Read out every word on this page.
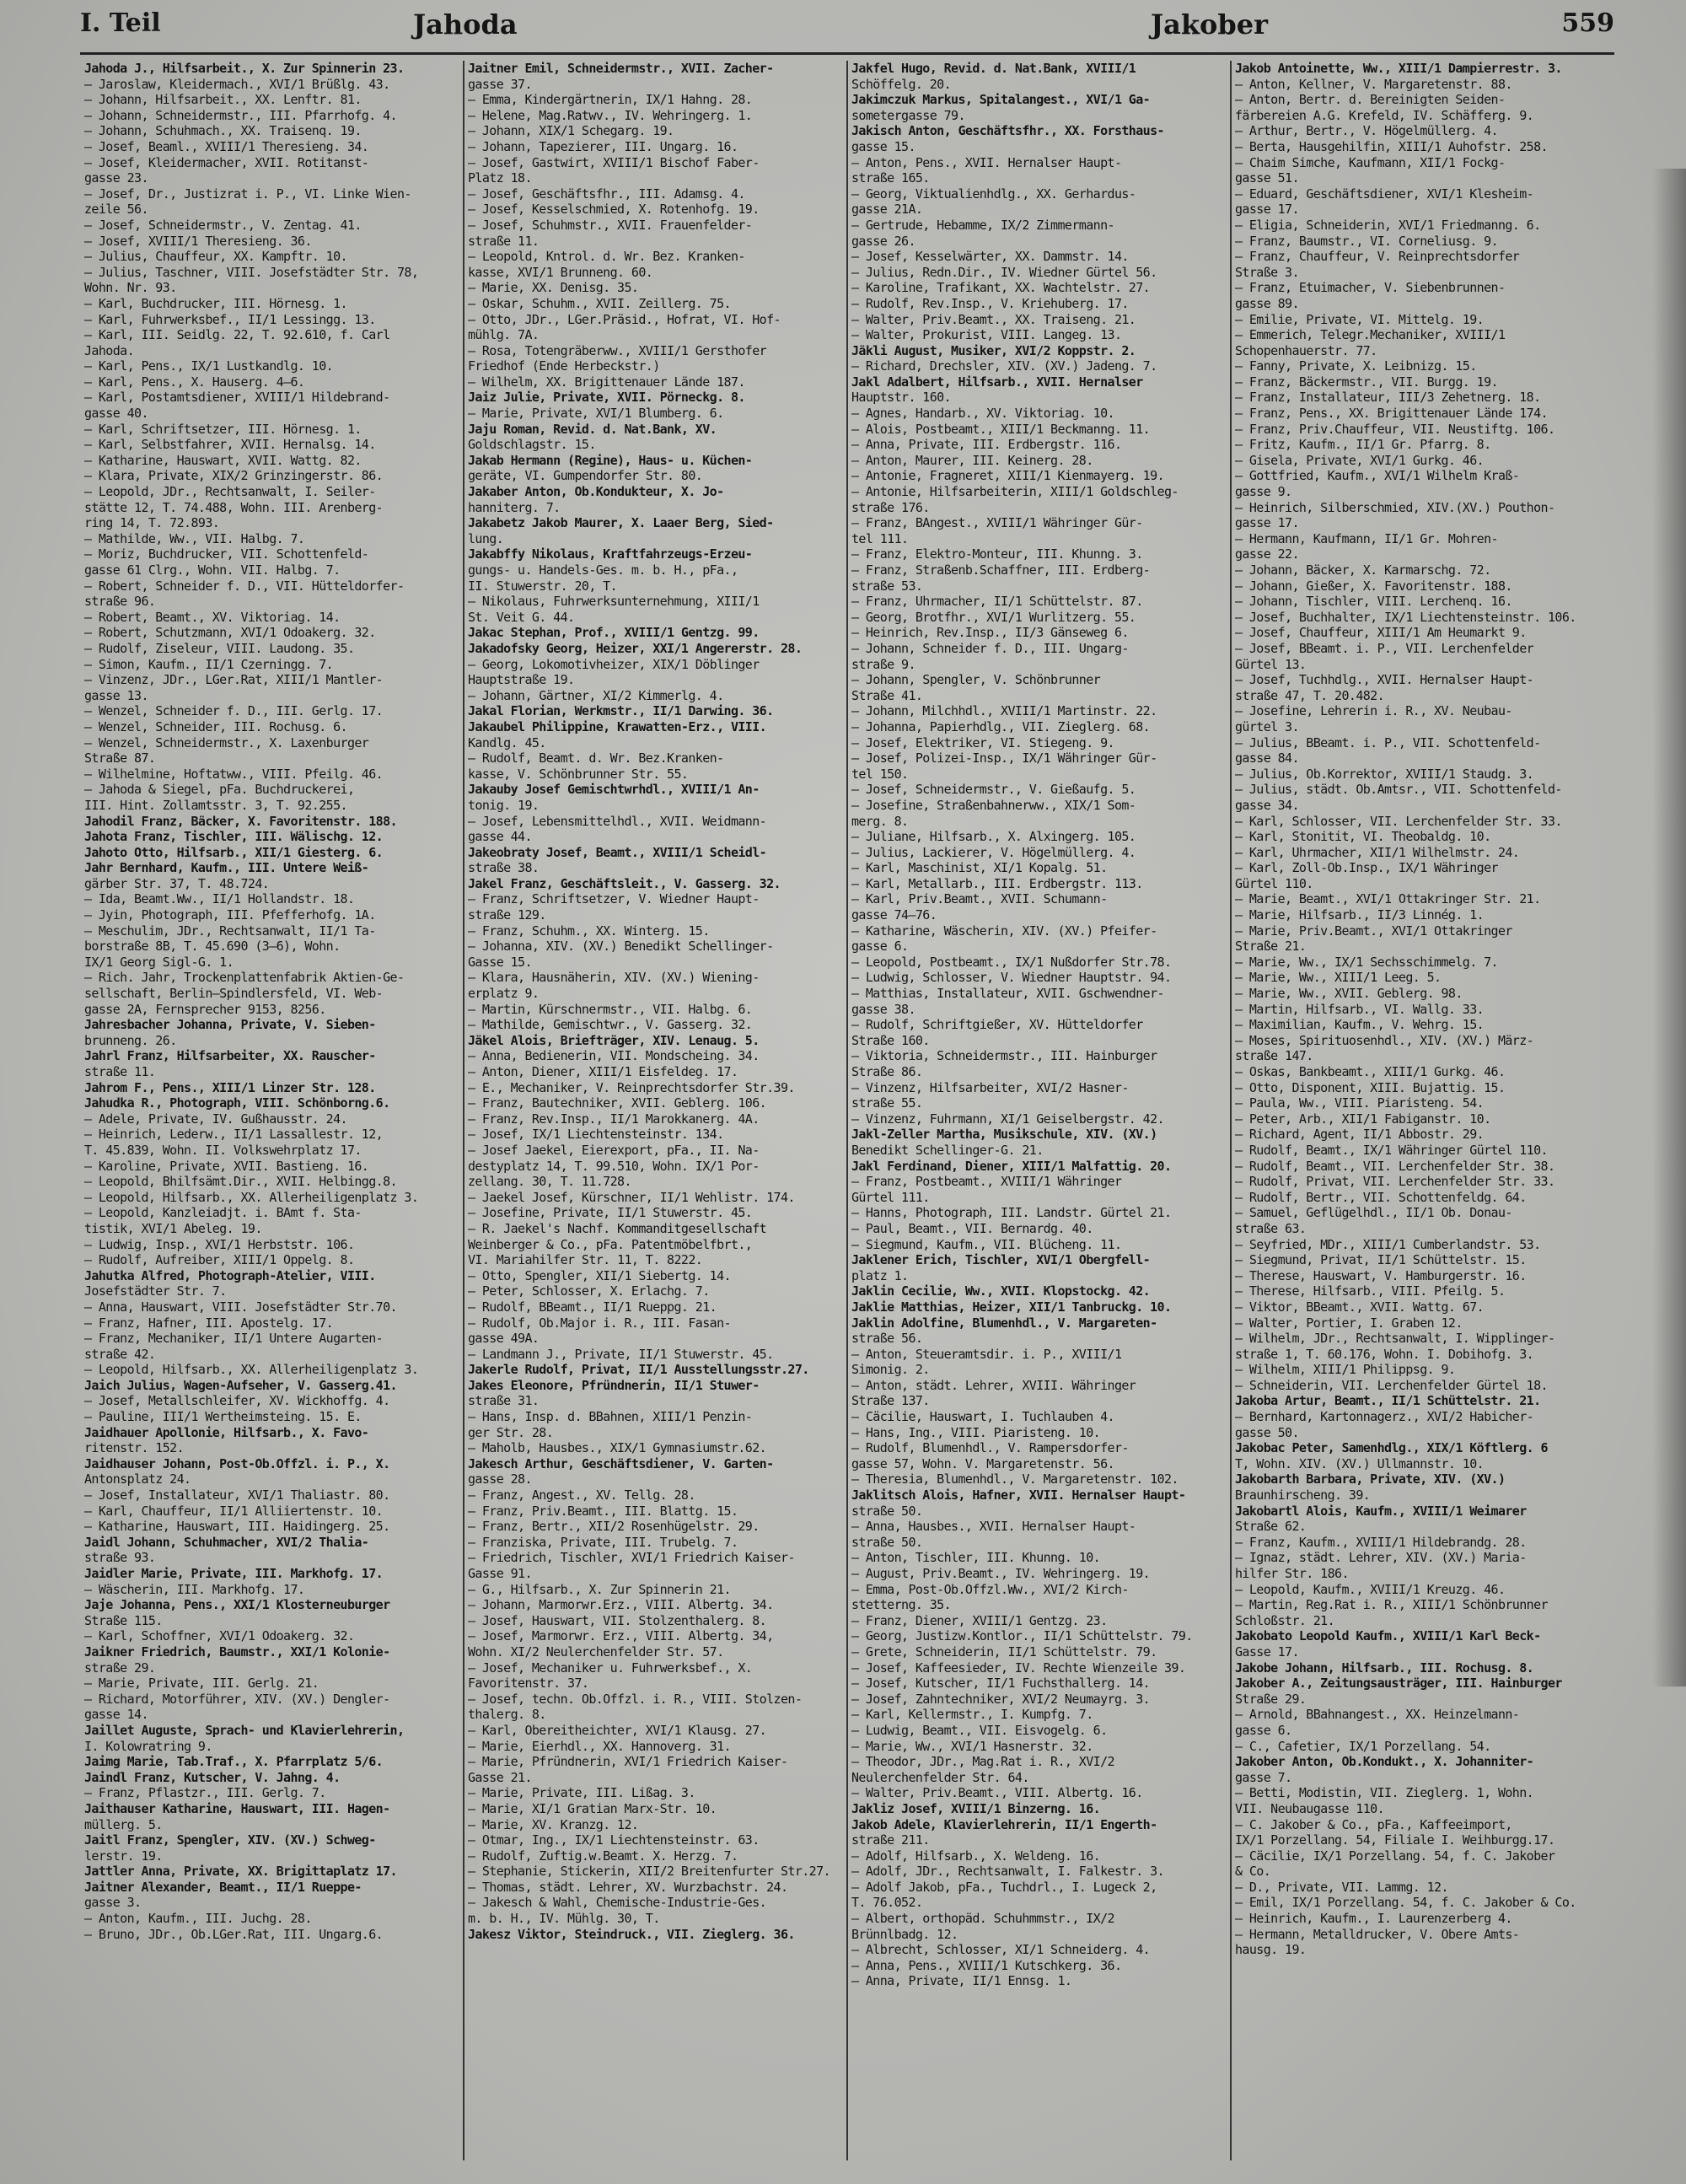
I. Teil	Jahoda	Jakober	559
Jahoda J., Hilfsarbeit., X. Zur Spinnerin 23.
— Jaroslaw, Kleidermach., XVI/1 Brüßlg. 43.
— Johann, Hilfsarbeit., XX. Lenftr. 81.
— Johann, Schneidermstr., III. Pfarrhofg. 4.
— Johann, Schuhmach., XX. Traisenq. 19.
— Josef, Beaml., XVIII/1 Theresieng. 34.
— Josef, Kleidermacher, XVII. Rotitanst-
gasse 23.
— Josef, Dr., Justizrat i. P., VI. Linke Wien-
zeile 56.
— Josef, Schneidermstr., V. Zentag. 41.
— Josef, XVIII/1 Theresieng. 36.
— Julius, Chauffeur, XX. Kampftr. 10.
— Julius, Taschner, VIII. Josefstädter Str. 78,
Wohn. Nr. 93.
— Karl, Buchdrucker, III. Hörnesg. 1.
— Karl, Fuhrwerksbef., II/1 Lessingg. 13.
— Karl, III. Seidlg. 22, T. 92.610, f. Carl
Jahoda.
— Karl, Pens., IX/1 Lustkandlg. 10.
— Karl, Pens., X. Hauserg. 4—6.
— Karl, Postamtsdiener, XVIII/1 Hildebrand-
gasse 40.
— Karl, Schriftsetzer, III. Hörnesg. 1.
— Karl, Selbstfahrer, XVII. Hernalsg. 14.
— Katharine, Hauswart, XVII. Wattg. 82.
— Klara, Private, XIX/2 Grinzingerstr. 86.
— Leopold, JDr., Rechtsanwalt, I. Seiler-
stätte 12, T. 74.488, Wohn. III. Arenberg-
ring 14, T. 72.893.
— Mathilde, Ww., VII. Halbg. 7.
— Moriz, Buchdrucker, VII. Schottenfeld-
gasse 61 Clrg., Wohn. VII. Halbg. 7.
— Robert, Schneider f. D., VII. Hütteldorfer-
straße 96.
— Robert, Beamt., XV. Viktoriag. 14.
— Robert, Schutzmann, XVI/1 Odoakerg. 32.
— Rudolf, Ziseleur, VIII. Laudong. 35.
— Simon, Kaufm., II/1 Czerningg. 7.
— Vinzenz, JDr., LGer.Rat, XIII/1 Mantler-
gasse 13.
— Wenzel, Schneider f. D., III. Gerlg. 17.
— Wenzel, Schneider, III. Rochusg. 6.
— Wenzel, Schneidermstr., X. Laxenburger
Straße 87.
— Wilhelmine, Hoftatww., VIII. Pfeilg. 46.
— Jahoda & Siegel, pFa. Buchdruckerei,
III. Hint. Zollamtsstr. 3, T. 92.255.
Jahodil Franz, Bäcker, X. Favoritenstr. 188.
Jahota Franz, Tischler, III. Wälischg. 12.
Jahoto Otto, Hilfsarb., XII/1 Giesterg. 6.
Jahr Bernhard, Kaufm., III. Untere Weiß-
gärber Str. 37, T. 48.724.
— Ida, Beamt.Ww., II/1 Hollandstr. 18.
— Jyin, Photograph, III. Pfefferhofg. 1A.
— Meschulim, JDr., Rechtsanwalt, II/1 Ta-
borstraße 8B, T. 45.690 (3—6), Wohn.
IX/1 Georg Sigl-G. 1.
— Rich. Jahr, Trockenplattenfabrik Aktien-Ge-
sellschaft, Berlin—Spindlersfeld, VI. Web-
gasse 2A, Fernsprecher 9153, 8256.
Jahresbacher Johanna, Private, V. Sieben-
brunneng. 26.
Jahrl Franz, Hilfsarbeiter, XX. Rauscher-
straße 11.
Jahrom F., Pens., XIII/1 Linzer Str. 128.
Jahudka R., Photograph, VIII. Schönborng.6.
— Adele, Private, IV. Gußhausstr. 24.
— Heinrich, Lederw., II/1 Lassallestr. 12,
T. 45.839, Wohn. II. Volkswehrplatz 17.
— Karoline, Private, XVII. Bastieng. 16.
— Leopold, Bhilfsämt.Dir., XVII. Helbingg.8.
— Leopold, Hilfsarb., XX. Allerheiligenplatz 3.
— Leopold, Kanzleiadjt. i. BAmt f. Sta-
tistik, XVI/1 Abeleg. 19.
— Ludwig, Insp., XVI/1 Herbststr. 106.
— Rudolf, Aufreiber, XIII/1 Oppelg. 8.
Jahutka Alfred, Photograph-Atelier, VIII.
Josefstädter Str. 7.
— Anna, Hauswart, VIII. Josefstädter Str.70.
— Franz, Hafner, III. Apostelg. 17.
— Franz, Mechaniker, II/1 Untere Augarten-
straße 42.
— Leopold, Hilfsarb., XX. Allerheiligenplatz 3.
Jaich Julius, Wagen-Aufseher, V. Gasserg.41.
— Josef, Metallschleifer, XV. Wickhoffg. 4.
— Pauline, III/1 Wertheimsteing. 15. E.
Jaidhauer Apollonie, Hilfsarb., X. Favo-
ritenstr. 152.
Jaidhauser Johann, Post-Ob.Offzl. i. P., X.
Antonsplatz 24.
— Josef, Installateur, XVI/1 Thaliastr. 80.
— Karl, Chauffeur, II/1 Alliiertenstr. 10.
— Katharine, Hauswart, III. Haidingerg. 25.
Jaidl Johann, Schuhmacher, XVI/2 Thalia-
straße 93.
Jaidler Marie, Private, III. Markhofg. 17.
— Wäscherin, III. Markhofg. 17.
Jaje Johanna, Pens., XXI/1 Klosterneuburger
Straße 115.
— Karl, Schoffner, XVI/1 Odoakerg. 32.
Jaikner Friedrich, Baumstr., XXI/1 Kolonie-
straße 29.
— Marie, Private, III. Gerlg. 21.
— Richard, Motorführer, XIV. (XV.) Dengler-
gasse 14.
Jaillet Auguste, Sprach- und Klavierlehrerin,
I. Kolowratring 9.
Jaimg Marie, Tab.Traf., X. Pfarrplatz 5/6.
Jaindl Franz, Kutscher, V. Jahng. 4.
— Franz, Pflastzr., III. Gerlg. 7.
Jaithauser Katharine, Hauswart, III. Hagen-
müllerg. 5.
Jaitl Franz, Spengler, XIV. (XV.) Schweg-
lerstr. 19.
Jattler Anna, Private, XX. Brigittaplatz 17.
Jaitner Alexander, Beamt., II/1 Rueppe-
gasse 3.
— Anton, Kaufm., III. Juchg. 28.
— Bruno, JDr., Ob.LGer.Rat, III. Ungarg.6.
Jaitner Emil, Schneidermstr., XVII. Zacher-
gasse 37.
— Emma, Kindergärtnerin, IX/1 Hahng. 28.
— Helene, Mag.Ratwv., IV. Wehringerg. 1.
— Johann, XIX/1 Schegarg. 19.
— Johann, Tapezierer, III. Ungarg. 16.
— Josef, Gastwirt, XVIII/1 Bischof Faber-
Platz 18.
— Josef, Geschäftsfhr., III. Adamsg. 4.
— Josef, Kesselschmied, X. Rotenhofg. 19.
— Josef, Schuhmstr., XVII. Frauenfelder-
straße 11.
— Leopold, Kntrol. d. Wr. Bez. Kranken-
kasse, XVI/1 Brunneng. 60.
— Marie, XX. Denisg. 35.
— Oskar, Schuhm., XVII. Zeillerg. 75.
— Otto, JDr., LGer.Präsid., Hofrat, VI. Hof-
mühlg. 7A.
— Rosa, Totengräberww., XVIII/1 Gersthofer
Friedhof (Ende Herbeckstr.)
— Wilhelm, XX. Brigittenauer Lände 187.
Jaiz Julie, Private, XVII. Pörneckg. 8.
— Marie, Private, XVI/1 Blumberg. 6.
Jaju Roman, Revid. d. Nat.Bank, XV.
Goldschlagstr. 15.
Jakab Hermann (Regine), Haus- u. Küchen-
geräte, VI. Gumpendorfer Str. 80.
Jakaber Anton, Ob.Kondukteur, X. Jo-
hanniterg. 7.
Jakabetz Jakob Maurer, X. Laaer Berg, Sied-
lung.
Jakabffy Nikolaus, Kraftfahrzeugs-Erzeu-
gungs- u. Handels-Ges. m. b. H., pFa.,
II. Stuwerstr. 20, T.
— Nikolaus, Fuhrwerksunternehmung, XIII/1
St. Veit G. 44.
Jakac Stephan, Prof., XVIII/1 Gentzg. 99.
Jakadofsky Georg, Heizer, XXI/1 Angererstr. 28.
— Georg, Lokomotivheizer, XIX/1 Döblinger
Hauptstraße 19.
— Johann, Gärtner, XI/2 Kimmerlg. 4.
Jakal Florian, Werkmstr., II/1 Darwing. 36.
Jakaubel Philippine, Krawatten-Erz., VIII.
Kandlg. 45.
— Rudolf, Beamt. d. Wr. Bez.Kranken-
kasse, V. Schönbrunner Str. 55.
Jakauby Josef Gemischtwrhdl., XVIII/1 An-
tonig. 19.
— Josef, Lebensmittelhdl., XVII. Weidmann-
gasse 44.
Jakeobraty Josef, Beamt., XVIII/1 Scheidl-
straße 38.
Jakel Franz, Geschäftsleit., V. Gasserg. 32.
— Franz, Schriftsetzer, V. Wiedner Haupt-
straße 129.
— Franz, Schuhm., XX. Winterg. 15.
— Johanna, XIV. (XV.) Benedikt Schellinger-
Gasse 15.
— Klara, Hausnäherin, XIV. (XV.) Wiening-
erplatz 9.
— Martin, Kürschnermstr., VII. Halbg. 6.
— Mathilde, Gemischtwr., V. Gasserg. 32.
Jäkel Alois, Briefträger, XIV. Lenaug. 5.
— Anna, Bedienerin, VII. Mondscheing. 34.
— Anton, Diener, XIII/1 Eisfeldeg. 17.
— E., Mechaniker, V. Reinprechtsdorfer Str.39.
— Franz, Bautechniker, XVII. Geblerg. 106.
— Franz, Rev.Insp., II/1 Marokkanerg. 4A.
— Josef, IX/1 Liechtensteinstr. 134.
— Josef Jaekel, Eierexport, pFa., II. Na-
destyplatz 14, T. 99.510, Wohn. IX/1 Por-
zellang. 30, T. 11.728.
— Jaekel Josef, Kürschner, II/1 Wehlistr. 174.
— Josefine, Private, II/1 Stuwerstr. 45.
— R. Jaekel's Nachf. Kommanditgesellschaft
Weinberger & Co., pFa. Patentmöbelfbrt.,
VI. Mariahilfer Str. 11, T. 8222.
— Otto, Spengler, XII/1 Siebertg. 14.
— Peter, Schlosser, X. Erlachg. 7.
— Rudolf, BBeamt., II/1 Rueppg. 21.
— Rudolf, Ob.Major i. R., III. Fasan-
gasse 49A.
— Landmann J., Private, II/1 Stuwerstr. 45.
Jakerle Rudolf, Privat, II/1 Ausstellungsstr.27.
Jakes Eleonore, Pfründnerin, II/1 Stuwer-
straße 31.
— Hans, Insp. d. BBahnen, XIII/1 Penzin-
ger Str. 28.
— Maholb, Hausbes., XIX/1 Gymnasiumstr.62.
Jakesch Arthur, Geschäftsdiener, V. Garten-
gasse 28.
— Franz, Angest., XV. Tellg. 28.
— Franz, Priv.Beamt., III. Blattg. 15.
— Franz, Bertr., XII/2 Rosenhügelstr. 29.
— Franziska, Private, III. Trubelg. 7.
— Friedrich, Tischler, XVI/1 Friedrich Kaiser-
Gasse 91.
— G., Hilfsarb., X. Zur Spinnerin 21.
— Johann, Marmorwr.Erz., VIII. Albertg. 34.
— Josef, Hauswart, VII. Stolzenthalerg. 8.
— Josef, Marmorwr. Erz., VIII. Albertg. 34,
Wohn. XI/2 Neulerchenfelder Str. 57.
— Josef, Mechaniker u. Fuhrwerksbef., X.
Favoritenstr. 37.
— Josef, techn. Ob.Offzl. i. R., VIII. Stolzen-
thalerg. 8.
— Karl, Obereitheichter, XVI/1 Klausg. 27.
— Marie, Eierhdl., XX. Hannoverg. 31.
— Marie, Pfründnerin, XVI/1 Friedrich Kaiser-
Gasse 21.
— Marie, Private, III. Lißag. 3.
— Marie, XI/1 Gratian Marx-Str. 10.
— Marie, XV. Kranzg. 12.
— Otmar, Ing., IX/1 Liechtensteinstr. 63.
— Rudolf, Zuftig.w.Beamt. X. Herzg. 7.
— Stephanie, Stickerin, XII/2 Breitenfurter Str.27.
— Thomas, städt. Lehrer, XV. Wurzbachstr. 24.
— Jakesch & Wahl, Chemische-Industrie-Ges.
m. b. H., IV. Mühlg. 30, T.
Jakesz Viktor, Steindruck., VII. Zieglerg. 36.
Jakfel Hugo, Revid. d. Nat.Bank, XVIII/1
Schöffelg. 20.
Jakimczuk Markus, Spitalangest., XVI/1 Ga-
sometergasse 79.
Jakisch Anton, Geschäftsfhr., XX. Forsthaus-
gasse 15.
— Anton, Pens., XVII. Hernalser Haupt-
straße 165.
— Georg, Viktualienhdlg., XX. Gerhardus-
gasse 21A.
— Gertrude, Hebamme, IX/2 Zimmermann-
gasse 26.
— Josef, Kesselwärter, XX. Dammstr. 14.
— Julius, Redn.Dir., IV. Wiedner Gürtel 56.
— Karoline, Trafikant, XX. Wachtelstr. 27.
— Rudolf, Rev.Insp., V. Kriehuberg. 17.
— Walter, Priv.Beamt., XX. Traiseng. 21.
— Walter, Prokurist, VIII. Langeg. 13.
Jäkli August, Musiker, XVI/2 Koppstr. 2.
— Richard, Drechsler, XIV. (XV.) Jadeng. 7.
Jakl Adalbert, Hilfsarb., XVII. Hernalser
Hauptstr. 160.
— Agnes, Handarb., XV. Viktoriag. 10.
— Alois, Postbeamt., XIII/1 Beckmanng. 11.
— Anna, Private, III. Erdbergstr. 116.
— Anton, Maurer, III. Keinerg. 28.
— Antonie, Fragneret, XIII/1 Kienmayerg. 19.
— Antonie, Hilfsarbeiterin, XIII/1 Goldschleg-
straße 176.
— Franz, BAngest., XVIII/1 Währinger Gür-
tel 111.
— Franz, Elektro-Monteur, III. Khunng. 3.
— Franz, Straßenb.Schaffner, III. Erdberg-
straße 53.
— Franz, Uhrmacher, II/1 Schüttelstr. 87.
— Georg, Brotfhr., XVI/1 Wurlitzerg. 55.
— Heinrich, Rev.Insp., II/3 Gänseweg 6.
— Johann, Schneider f. D., III. Ungarg-
straße 9.
— Johann, Spengler, V. Schönbrunner
Straße 41.
— Johann, Milchhdl., XVIII/1 Martinstr. 22.
— Johanna, Papierhdlg., VII. Zieglerg. 68.
— Josef, Elektriker, VI. Stiegeng. 9.
— Josef, Polizei-Insp., IX/1 Währinger Gür-
tel 150.
— Josef, Schneidermstr., V. Gießaufg. 5.
— Josefine, Straßenbahnerww., XIX/1 Som-
merg. 8.
— Juliane, Hilfsarb., X. Alxingerg. 105.
— Julius, Lackierer, V. Högelmüllerg. 4.
— Karl, Maschinist, XI/1 Kopalg. 51.
— Karl, Metallarb., III. Erdbergstr. 113.
— Karl, Priv.Beamt., XVII. Schumann-
gasse 74—76.
— Katharine, Wäscherin, XIV. (XV.) Pfeifer-
gasse 6.
— Leopold, Postbeamt., IX/1 Nußdorfer Str.78.
— Ludwig, Schlosser, V. Wiedner Hauptstr. 94.
— Matthias, Installateur, XVII. Gschwendner-
gasse 38.
— Rudolf, Schriftgießer, XV. Hütteldorfer
Straße 160.
— Viktoria, Schneidermstr., III. Hainburger
Straße 86.
— Vinzenz, Hilfsarbeiter, XVI/2 Hasner-
straße 55.
— Vinzenz, Fuhrmann, XI/1 Geiselbergstr. 42.
Jakl-Zeller Martha, Musikschule, XIV. (XV.)
Benedikt Schellinger-G. 21.
Jakl Ferdinand, Diener, XIII/1 Malfattig. 20.
— Franz, Postbeamt., XVIII/1 Währinger
Gürtel 111.
— Hanns, Photograph, III. Landstr. Gürtel 21.
— Paul, Beamt., VII. Bernardg. 40.
— Siegmund, Kaufm., VII. Blücheng. 11.
Jaklener Erich, Tischler, XVI/1 Obergfell-
platz 1.
Jaklin Cecilie, Ww., XVII. Klopstockg. 42.
Jaklie Matthias, Heizer, XII/1 Tanbruckg. 10.
Jaklin Adolfine, Blumenhdl., V. Margareten-
straße 56.
— Anton, Steueramtsdir. i. P., XVIII/1
Simonig. 2.
— Anton, städt. Lehrer, XVIII. Währinger
Straße 137.
— Cäcilie, Hauswart, I. Tuchlauben 4.
— Hans, Ing., VIII. Piaristeng. 10.
— Rudolf, Blumenhdl., V. Rampersdorfer-
gasse 57, Wohn. V. Margaretenstr. 56.
— Theresia, Blumenhdl., V. Margaretenstr. 102.
Jaklitsch Alois, Hafner, XVII. Hernalser Haupt-
straße 50.
— Anna, Hausbes., XVII. Hernalser Haupt-
straße 50.
— Anton, Tischler, III. Khunng. 10.
— August, Priv.Beamt., IV. Wehringerg. 19.
— Emma, Post-Ob.Offzl.Ww., XVI/2 Kirch-
stetterng. 35.
— Franz, Diener, XVIII/1 Gentzg. 23.
— Georg, Justizw.Kontlor., II/1 Schüttelstr. 79.
— Grete, Schneiderin, II/1 Schüttelstr. 79.
— Josef, Kaffeesieder, IV. Rechte Wienzeile 39.
— Josef, Kutscher, II/1 Fuchsthallerg. 14.
— Josef, Zahntechniker, XVI/2 Neumayrg. 3.
— Karl, Kellermstr., I. Kumpfg. 7.
— Ludwig, Beamt., VII. Eisvogelg. 6.
— Marie, Ww., XVI/1 Hasnerstr. 32.
— Theodor, JDr., Mag.Rat i. R., XVI/2
Neulerchenfelder Str. 64.
— Walter, Priv.Beamt., VIII. Albertg. 16.
Jakliz Josef, XVIII/1 Binzerng. 16.
Jakob Adele, Klavierlehrerin, II/1 Engerth-
straße 211.
— Adolf, Hilfsarb., X. Weldeng. 16.
— Adolf, JDr., Rechtsanwalt, I. Falkestr. 3.
— Adolf Jakob, pFa., Tuchdrl., I. Lugeck 2,
T. 76.052.
— Albert, orthopäd. Schuhmmstr., IX/2
Brünnlbadg. 12.
— Albrecht, Schlosser, XI/1 Schneiderg. 4.
— Anna, Pens., XVIII/1 Kutschkerg. 36.
— Anna, Private, II/1 Ennsg. 1.
Jakob Antoinette, Ww., XIII/1 Dampierrestr. 3.
— Anton, Kellner, V. Margaretenstr. 88.
— Anton, Bertr. d. Bereinigten Seiden-
färbereien A.G. Krefeld, IV. Schäfferg. 9.
— Arthur, Bertr., V. Högelmüllerg. 4.
— Berta, Hausgehilfin, XIII/1 Auhofstr. 258.
— Chaim Simche, Kaufmann, XII/1 Fockg-
gasse 51.
— Eduard, Geschäftsdiener, XVI/1 Klesheim-
gasse 17.
— Eligia, Schneiderin, XVI/1 Friedmanng. 6.
— Franz, Baumstr., VI. Corneliusg. 9.
— Franz, Chauffeur, V. Reinprechtsdorfer
Straße 3.
— Franz, Etuimacher, V. Siebenbrunnen-
gasse 89.
— Emilie, Private, VI. Mittelg. 19.
— Emmerich, Telegr.Mechaniker, XVIII/1
Schopenhauerstr. 77.
— Fanny, Private, X. Leibnizg. 15.
— Franz, Bäckermstr., VII. Burgg. 19.
— Franz, Installateur, III/3 Zehetnerg. 18.
— Franz, Pens., XX. Brigittenauer Lände 174.
— Franz, Priv.Chauffeur, VII. Neustiftg. 106.
— Fritz, Kaufm., II/1 Gr. Pfarrg. 8.
— Gisela, Private, XVI/1 Gurkg. 46.
— Gottfried, Kaufm., XVI/1 Wilhelm Kraß-
gasse 9.
— Heinrich, Silberschmied, XIV.(XV.) Pouthon-
gasse 17.
— Hermann, Kaufmann, II/1 Gr. Mohren-
gasse 22.
— Johann, Bäcker, X. Karmarschg. 72.
— Johann, Gießer, X. Favoritenstr. 188.
— Johann, Tischler, VIII. Lerchenq. 16.
— Josef, Buchhalter, IX/1 Liechtensteinstr. 106.
— Josef, Chauffeur, XIII/1 Am Heumarkt 9.
— Josef, BBeamt. i. P., VII. Lerchenfelder
Gürtel 13.
— Josef, Tuchhdlg., XVII. Hernalser Haupt-
straße 47, T. 20.482.
— Josefine, Lehrerin i. R., XV. Neubau-
gürtel 3.
— Julius, BBeamt. i. P., VII. Schottenfeld-
gasse 84.
— Julius, Ob.Korrektor, XVIII/1 Staudg. 3.
— Julius, städt. Ob.Amtsr., VII. Schottenfeld-
gasse 34.
— Karl, Schlosser, VII. Lerchenfelder Str. 33.
— Karl, Stonitit, VI. Theobaldg. 10.
— Karl, Uhrmacher, XII/1 Wilhelmstr. 24.
— Karl, Zoll-Ob.Insp., IX/1 Währinger
Gürtel 110.
— Marie, Beamt., XVI/1 Ottakringer Str. 21.
— Marie, Hilfsarb., II/3 Linnég. 1.
— Marie, Priv.Beamt., XVI/1 Ottakringer
Straße 21.
— Marie, Ww., IX/1 Sechsschimmelg. 7.
— Marie, Ww., XIII/1 Leeg. 5.
— Marie, Ww., XVII. Geblerg. 98.
— Martin, Hilfsarb., VI. Wallg. 33.
— Maximilian, Kaufm., V. Wehrg. 15.
— Moses, Spirituosenhdl., XIV. (XV.) März-
straße 147.
— Oskas, Bankbeamt., XIII/1 Gurkg. 46.
— Otto, Disponent, XIII. Bujattig. 15.
— Paula, Ww., VIII. Piaristeng. 54.
— Peter, Arb., XII/1 Fabiganstr. 10.
— Richard, Agent, II/1 Abbostr. 29.
— Rudolf, Beamt., IX/1 Währinger Gürtel 110.
— Rudolf, Beamt., VII. Lerchenfelder Str. 38.
— Rudolf, Privat, VII. Lerchenfelder Str. 33.
— Rudolf, Bertr., VII. Schottenfeldg. 64.
— Samuel, Geflügelhdl., II/1 Ob. Donau-
straße 63.
— Seyfried, MDr., XIII/1 Cumberlandstr. 53.
— Siegmund, Privat, II/1 Schüttelstr. 15.
— Therese, Hauswart, V. Hamburgerstr. 16.
— Therese, Hilfsarb., VIII. Pfeilg. 5.
— Viktor, BBeamt., XVII. Wattg. 67.
— Walter, Portier, I. Graben 12.
— Wilhelm, JDr., Rechtsanwalt, I. Wipplinger-
straße 1, T. 60.176, Wohn. I. Dobihofg. 3.
— Wilhelm, XIII/1 Philippsg. 9.
— Schneiderin, VII. Lerchenfelder Gürtel 18.
Jakoba Artur, Beamt., II/1 Schüttelstr. 21.
— Bernhard, Kartonnagerz., XVI/2 Habicher-
gasse 50.
Jakobac Peter, Samenhdlg., XIX/1 Köftlerg. 6
T, Wohn. XIV. (XV.) Ullmannstr. 10.
Jakobarth Barbara, Private, XIV. (XV.)
Braunhirscheng. 39.
Jakobartl Alois, Kaufm., XVIII/1 Weimarer
Straße 62.
— Franz, Kaufm., XVIII/1 Hildebrandg. 28.
— Ignaz, städt. Lehrer, XIV. (XV.) Maria-
hilfer Str. 186.
— Leopold, Kaufm., XVIII/1 Kreuzg. 46.
— Martin, Reg.Rat i. R., XIII/1 Schönbrunner
Schloßstr. 21.
Jakobato Leopold Kaufm., XVIII/1 Karl Beck-
Gasse 17.
Jakobe Johann, Hilfsarb., III. Rochusg. 8.
Jakober A., Zeitungsausträger, III. Hainburger
Straße 29.
— Arnold, BBahnangest., XX. Heinzelmann-
gasse 6.
— C., Cafetier, IX/1 Porzellang. 54.
Jakober Anton, Ob.Kondukt., X. Johanniter-
gasse 7.
— Betti, Modistin, VII. Zieglerg. 1, Wohn.
VII. Neubaugasse 110.
— C. Jakober & Co., pFa., Kaffeeimport,
IX/1 Porzellang. 54, Filiale I. Weihburgg.17.
— Cäcilie, IX/1 Porzellang. 54, f. C. Jakober
& Co.
— D., Private, VII. Lammg. 12.
— Emil, IX/1 Porzellang. 54, f. C. Jakober & Co.
— Heinrich, Kaufm., I. Laurenzerberg 4.
— Hermann, Metalldrucker, V. Obere Amts-
hausg. 19.
